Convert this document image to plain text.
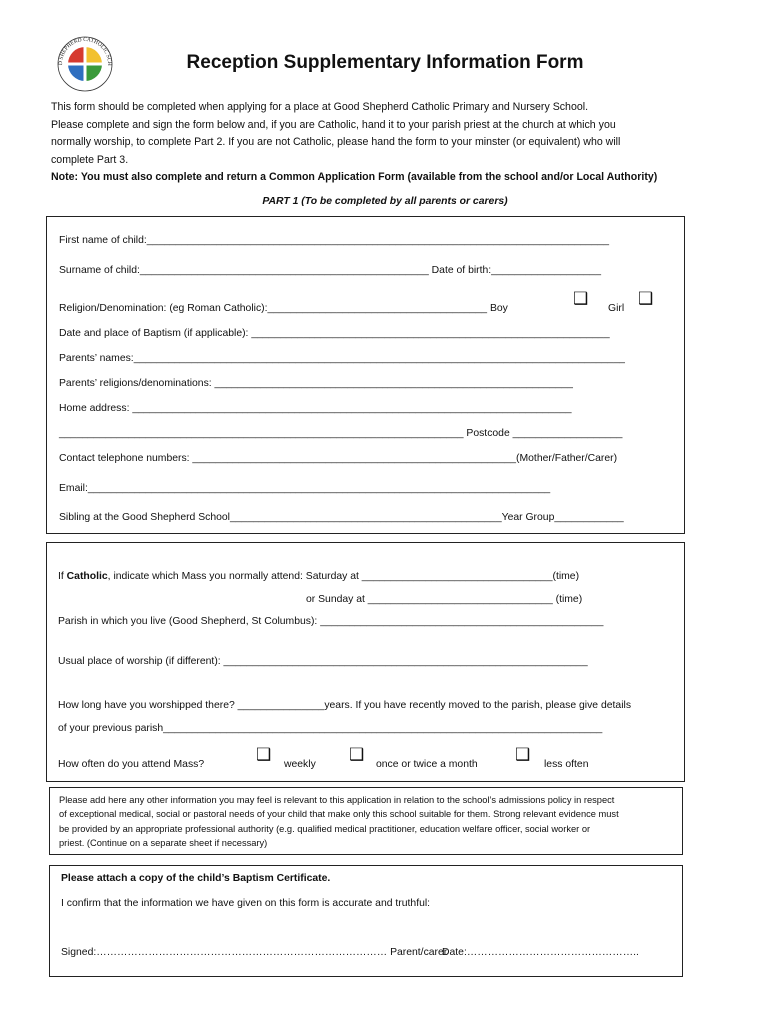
D SHEPHERD CATHOLIC SCH	Reception Supplementary Information Form

This form should be completed when applying for a place at Good Shepherd Catholic Primary and Nursery School.

Please complete and sign the form below and, if you are Catholic, hand it to your parish priest at the church at which you

normally worship, to complete Part 2. If you are not Catholic, please hand the form to your minster (or equivalent) who will

complete Part 3.

Note: You must also complete and return a Common Application Form (available from the school and/or Local Authority)

PART 1 (To be completed by all parents or carers)
First name of child:________________________________________________________________________________
Surname of child:__________________________________________________ Date of birth:___________________
Religion/Denomination: (eg Roman Catholic):______________________________________ Boy
❑
Girl
❑
Date and place of Baptism (if applicable): ______________________________________________________________
Parents’ names:_____________________________________________________________________________________
Parents’ religions/denominations: ______________________________________________________________
Home address: ____________________________________________________________________________
______________________________________________________________________ Postcode ___________________
Contact telephone numbers: ________________________________________________________(Mother/Father/Carer)
Email:________________________________________________________________________________
Sibling at the Good Shepherd School_______________________________________________Year Group____________
If Catholic, indicate which Mass you normally attend: Saturday at _________________________________(time)
or Sunday at ________________________________ (time)
Parish in which you live (Good Shepherd, St Columbus): _________________________________________________
Usual place of worship (if different): _______________________________________________________________
How long have you worshipped there? _______________years. If you have recently moved to the parish, please give details
of your previous parish____________________________________________________________________________
How often do you attend Mass?
❑
weekly
❑
once or twice a month
❑
less often

Please add here any other information you may feel is relevant to this application in relation to the school’s admissions policy in respect

of exceptional medical, social or pastoral needs of your child that make only this school suitable for them. Strong relevant evidence must

be provided by an appropriate professional authority (e.g. qualified medical practitioner, education welfare officer, social worker or

priest. (Continue on a separate sheet if necessary)

Please attach a copy of the child’s Baptism Certificate.
I confirm that the information we have given on this form is accurate and truthful:
Signed:………………………………………………………………………… Parent/carer
Date:…………………………………………..
